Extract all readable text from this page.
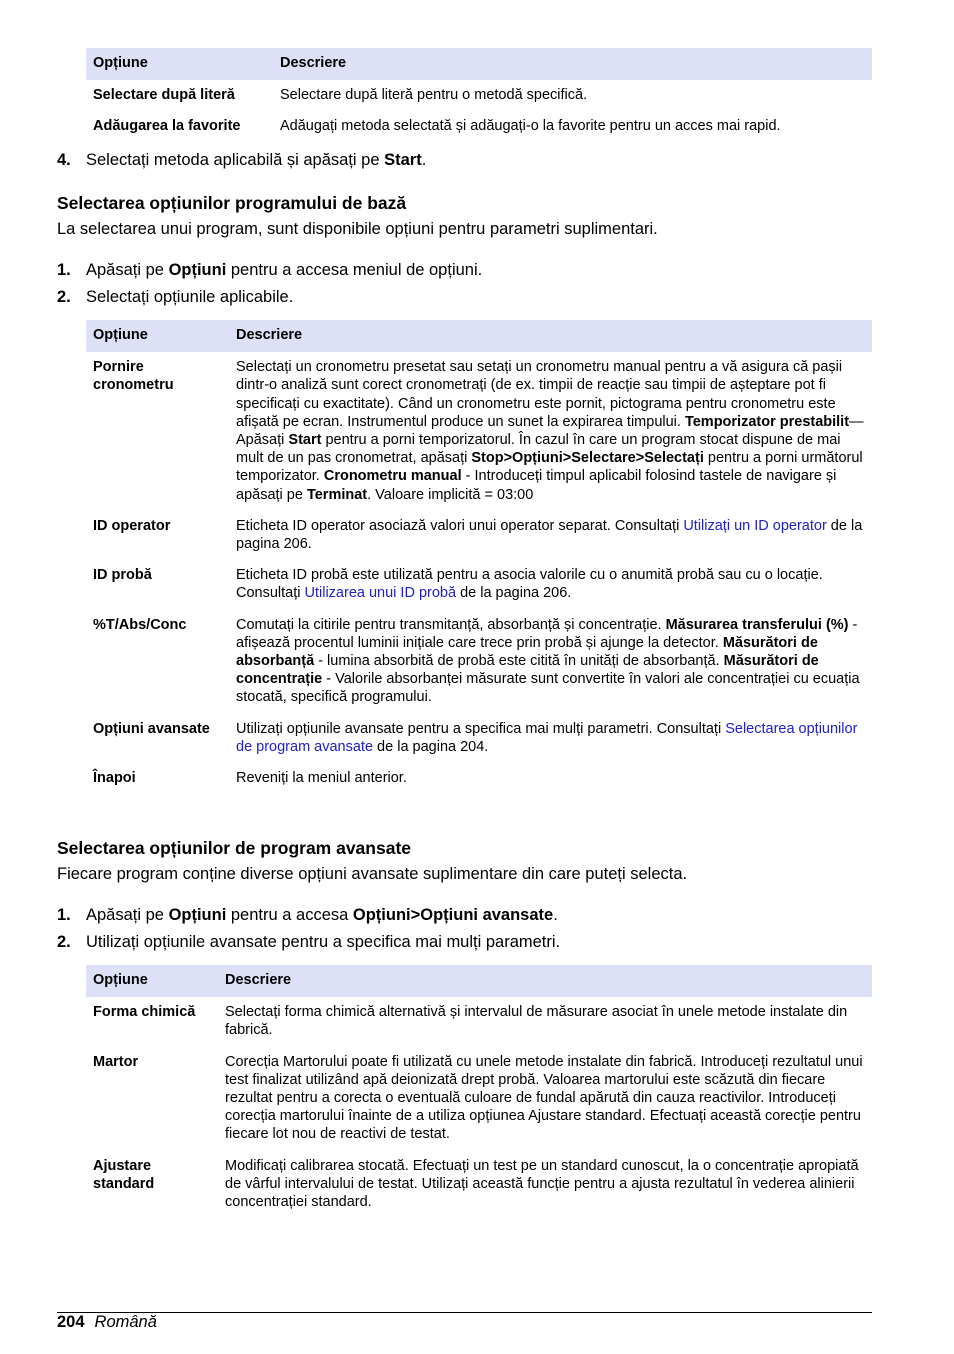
Opțiune	Descriere
Selectare după literă	Selectare după literă pentru o metodă specifică.
Adăugarea la favorite	Adăugați metoda selectată și adăugați-o la favorite pentru un acces mai rapid.
4. Selectați metoda aplicabilă și apăsați pe Start.
Selectarea opțiunilor programului de bază
La selectarea unui program, sunt disponibile opțiuni pentru parametri suplimentari.
1. Apăsați pe Opțiuni pentru a accesa meniul de opțiuni.
2. Selectați opțiunile aplicabile.
Opțiune	Descriere
Pornire cronometru	Selectați un cronometru presetat sau setați un cronometru manual pentru a vă asigura că pașii dintr-o analiză sunt corect cronometrați (de ex. timpii de reacție sau timpii de așteptare pot fi specificați cu exactitate). Când un cronometru este pornit, pictograma pentru cronometru este afișată pe ecran. Instrumentul produce un sunet la expirarea timpului. Temporizator prestabilit—Apăsați Start pentru a porni temporizatorul. În cazul în care un program stocat dispune de mai mult de un pas cronometrat, apăsați Stop>Opțiuni>Selectare>Selectați pentru a porni următorul temporizator. Cronometru manual - Introduceți timpul aplicabil folosind tastele de navigare și apăsați pe Terminat. Valoare implicită = 03:00
ID operator	Eticheta ID operator asociază valori unui operator separat. Consultați Utilizați un ID operator de la pagina 206.
ID probă	Eticheta ID probă este utilizată pentru a asocia valorile cu o anumită probă sau cu o locație. Consultați Utilizarea unui ID probă de la pagina 206.
%T/Abs/Conc	Comutați la citirile pentru transmitanță, absorbanță și concentrație. Măsurarea transferului (%) - afișează procentul luminii inițiale care trece prin probă și ajunge la detector. Măsurători de absorbanță - lumina absorbită de probă este citită în unități de absorbanță. Măsurători de concentrație - Valorile absorbanței măsurate sunt convertite în valori ale concentrației cu ecuația stocată, specifică programului.
Opțiuni avansate	Utilizați opțiunile avansate pentru a specifica mai mulți parametri. Consultați Selectarea opțiunilor de program avansate de la pagina 204.
Înapoi	Reveniți la meniul anterior.
Selectarea opțiunilor de program avansate
Fiecare program conține diverse opțiuni avansate suplimentare din care puteți selecta.
1. Apăsați pe Opțiuni pentru a accesa Opțiuni>Opțiuni avansate.
2. Utilizați opțiunile avansate pentru a specifica mai mulți parametri.
Opțiune	Descriere
Forma chimică	Selectați forma chimică alternativă și intervalul de măsurare asociat în unele metode instalate din fabrică.
Martor	Corecția Martorului poate fi utilizată cu unele metode instalate din fabrică. Introduceți rezultatul unui test finalizat utilizând apă deionizată drept probă. Valoarea martorului este scăzută din fiecare rezultat pentru a corecta o eventuală culoare de fundal apărută din cauza reactivilor. Introduceți corecția martorului înainte de a utiliza opțiunea Ajustare standard. Efectuați această corecție pentru fiecare lot nou de reactivi de testat.
Ajustare standard	Modificați calibrarea stocată. Efectuați un test pe un standard cunoscut, la o concentrație apropiată de vârful intervalului de testat. Utilizați această funcție pentru a ajusta rezultatul în vederea alinierii concentrației standard.
204 Română
